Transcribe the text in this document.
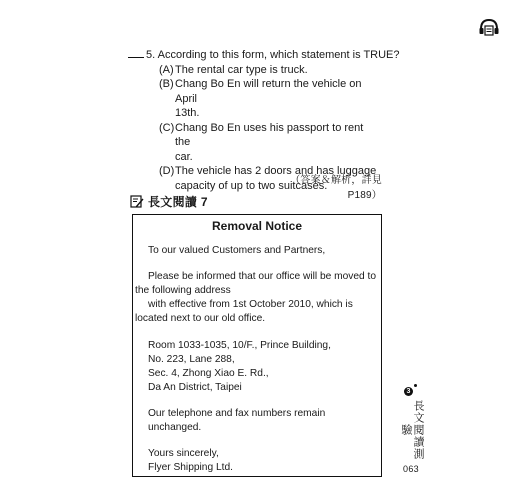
5. According to this form, which statement is TRUE?
(A) The rental car type is truck.
(B) Chang Bo En will return the vehicle on April
13th.
(C) Chang Bo En uses his passport to rent the
car.
(D) The vehicle has 2 doors and has luggage
capacity of up to two suitcases.
（答案＆解析，詳見P189）
長文閱讀 7
Removal Notice
To our valued Customers and Partners,
Please be informed that our office will be moved to
the following address
with effective from 1st October 2010, which is
located next to our old office.
Room 1033-1035, 10/F., Prince Building,
No. 223, Lane 288,
Sec. 4, Zhong Xiao E. Rd.,
Da An District, Taipei
Our telephone and fax numbers remain unchanged.
Yours sincerely,
Flyer Shipping Ltd.
3
長文閱讀測驗
063
